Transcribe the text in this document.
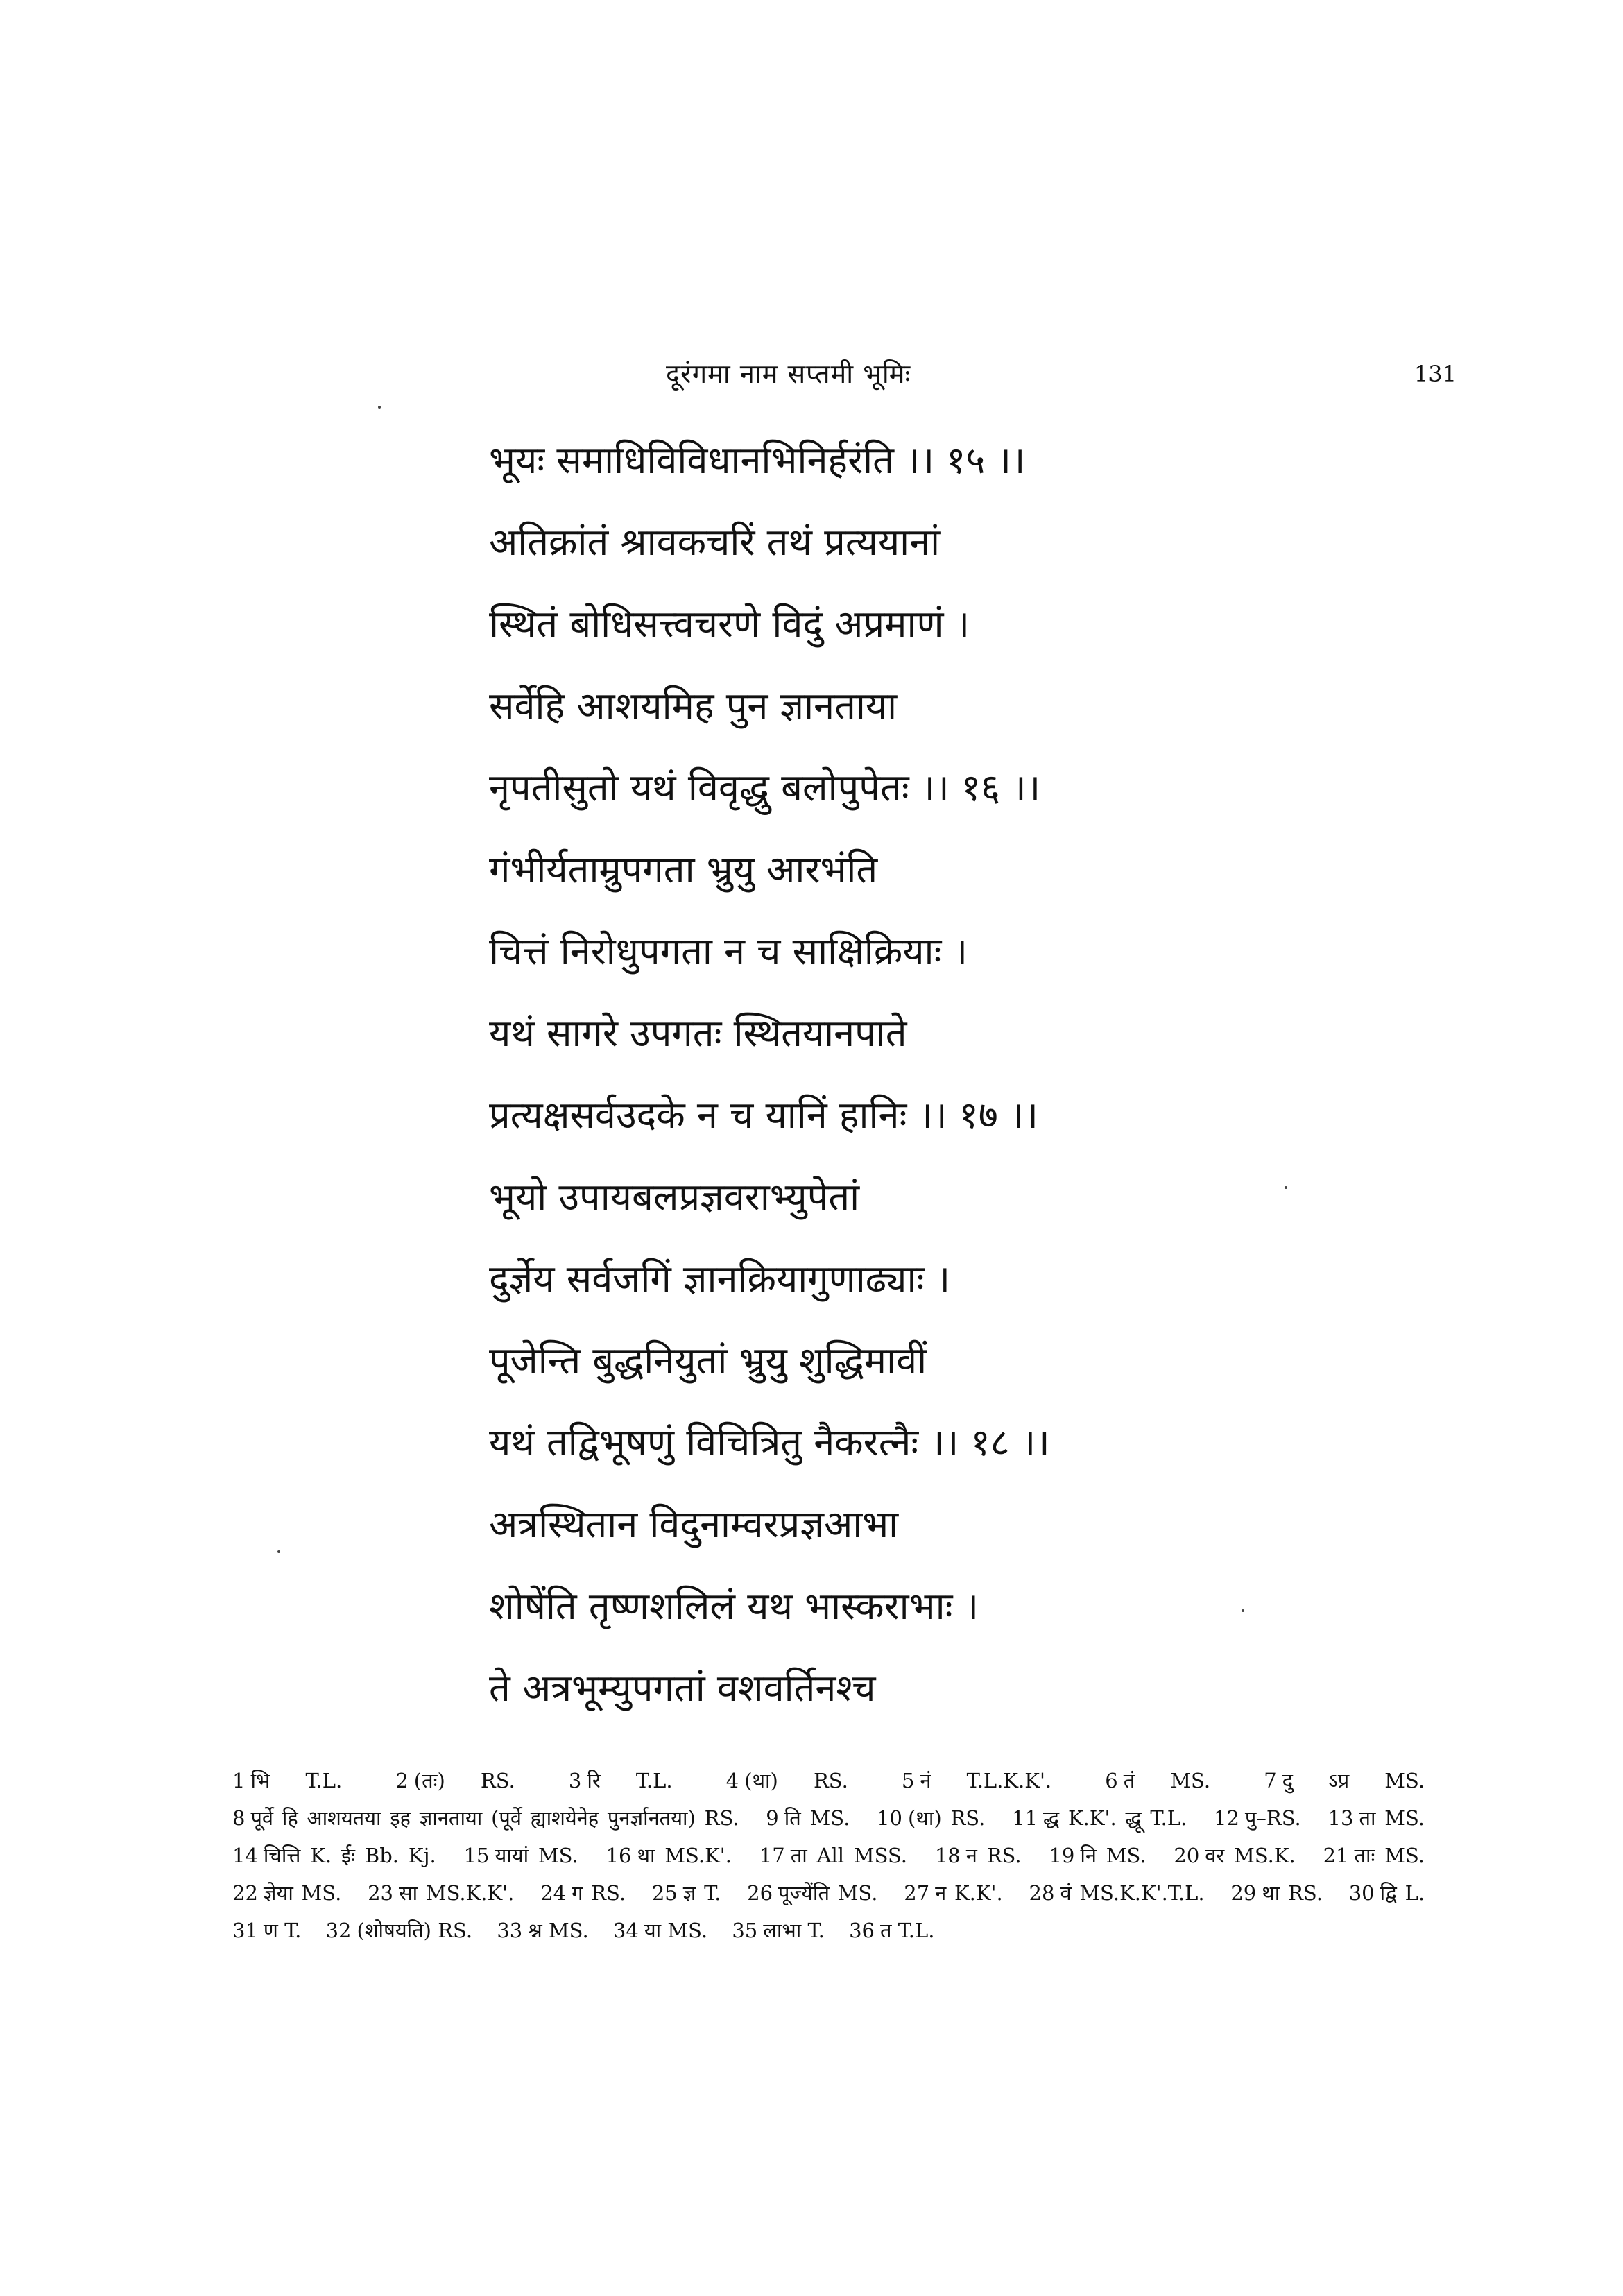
दूरंगमा नाम सप्तमी भूमिः	131
भूयः समाधिविविधानभिनिर्हरंति ।। १५ ।।
अतिक्रांतं श्रावकचरिं तथं प्रत्ययानां
स्थितं बोधिसत्त्वचरणे विदुं अप्रमाणं ।
सर्वेहि आशयमिह पुन ज्ञानताया
नृपतीसुतो यथं विवृद्धु बलोपुपेतः ।। १६ ।।
गंभीर्यताम्रुपगता भ्रुयु आरभंति
चित्तं निरोधुपगता न च साक्षिक्रियाः ।
यथं सागरे उपगतः स्थितयानपाते
प्रत्यक्षसर्वउदके न च यानिं हानिः ।। १७ ।।
भूयो उपायबलप्रज्ञवराभ्युपेतां
दुर्ज्ञेय सर्वजगिं ज्ञानक्रियागुणाढ्याः ।
पूजेन्ति बुद्धनियुतां भ्रुयु शुद्धिमावीं
यथं तद्विभूषणुं विचित्रितु नैकरत्नैः ।। १८ ।।
अत्रस्थितान विदुनाम्वरप्रज्ञआभा
शोषेंति तृष्णशलिलं यथ भास्कराभाः ।
ते अत्रभूम्युपगतां वशवर्तिनश्च
1 भि T.L.	2 (तः) RS.	3 रि T.L.	4 (था) RS.	5 नं T.L.K.K'.	6 तं MS.	7 दु ऽप्र MS. 8 पूर्वे हि आशयतया इह ज्ञानताया (पूर्वे ह्याशयेनेह पुनर्ज्ञानतया) RS. 9 ति MS. 10 (था) RS. 11 द्ध K.K'. द्धू T.L. 12 पु–RS. 13 ता MS. 14 चित्ति K. ईः Bb. Kj. 15 यायां MS. 16 था MS.K'. 17 ता All MSS. 18 न RS. 19 नि MS. 20 वर MS.K. 21 ताः MS. 22 ज्ञेया MS. 23 सा MS.K.K'. 24 ग RS. 25 ज्ञ T. 26 पूज्येंति MS. 27 न K.K'. 28 वं MS.K.K'.T.L. 29 था RS. 30 द्वि L. 31 ण T. 32 (शोषयति) RS. 33 श्न MS. 34 या MS. 35 लाभा T. 36 त T.L.
